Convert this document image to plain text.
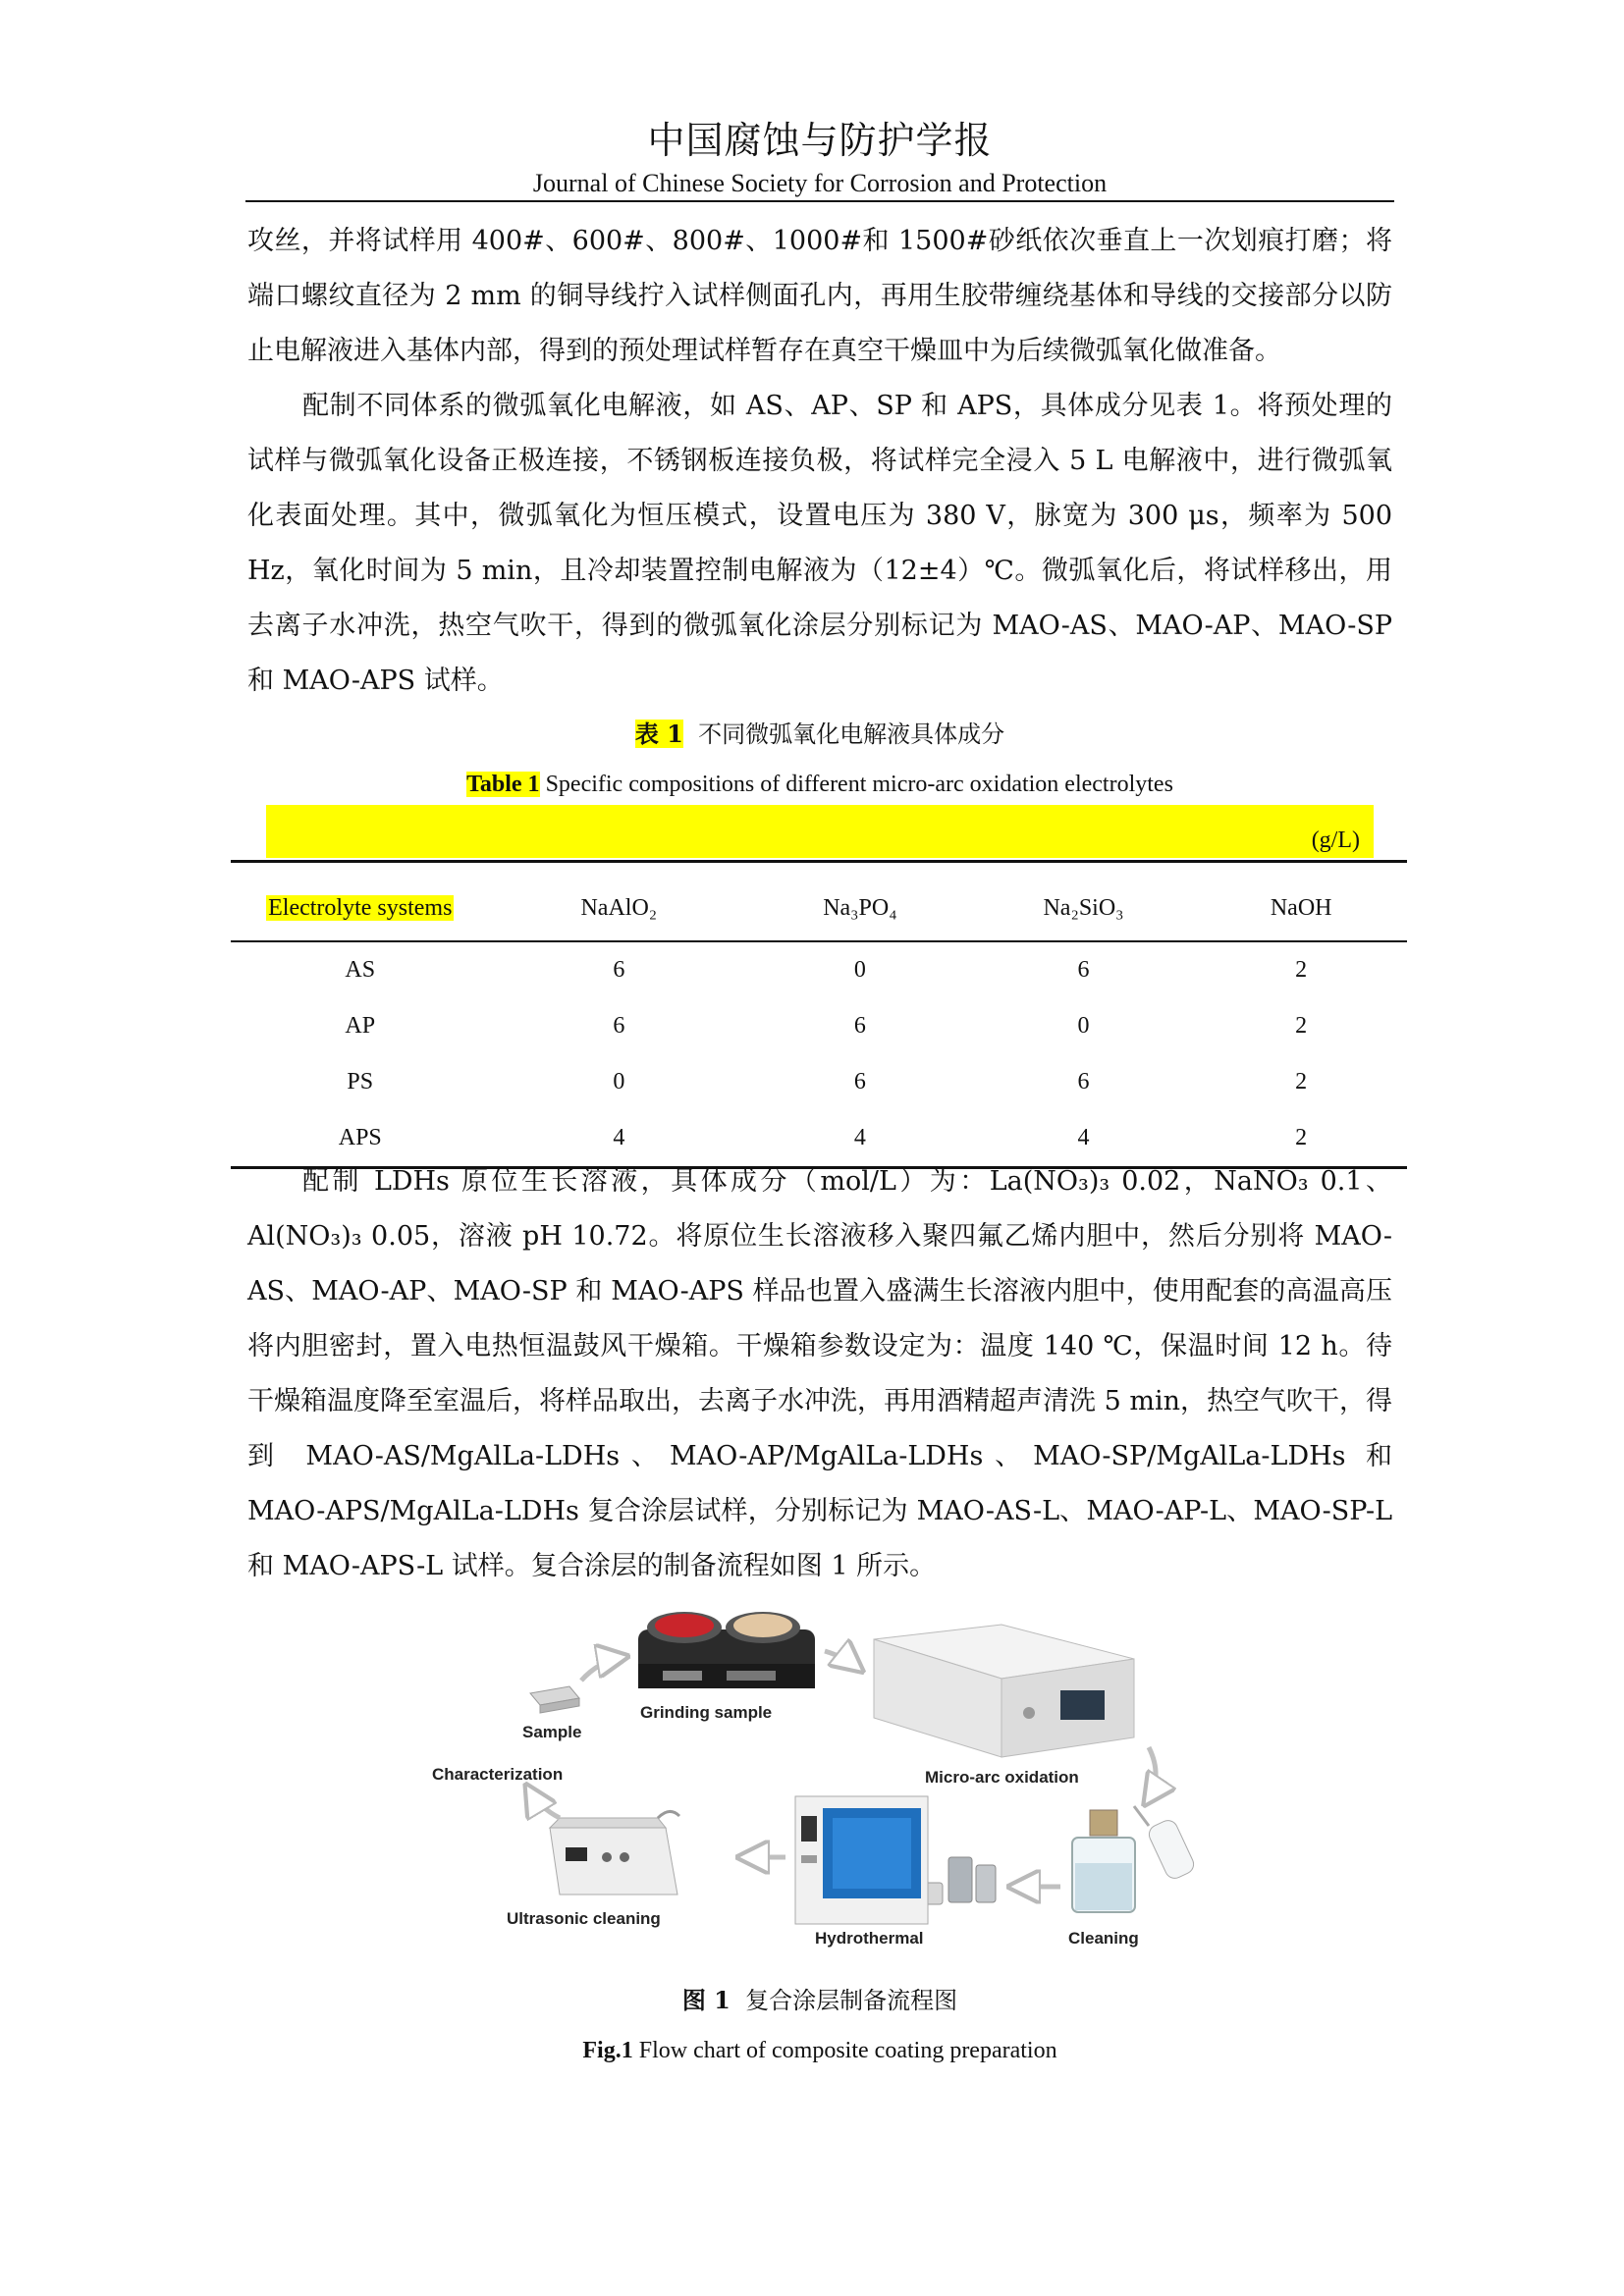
中国腐蚀与防护学报
Journal of Chinese Society for Corrosion and Protection

攻丝，并将试样用 400#、600#、800#、1000#和 1500#砂纸依次垂直上一次划痕打磨；将端口螺纹直径为 2 mm 的铜导线拧入试样侧面孔内，再用生胶带缠绕基体和导线的交接部分以防止电解液进入基体内部，得到的预处理试样暂存在真空干燥皿中为后续微弧氧化做准备。

配制不同体系的微弧氧化电解液，如 AS、AP、SP 和 APS，具体成分见表 1。将预处理的试样与微弧氧化设备正极连接，不锈钢板连接负极，将试样完全浸入 5 L 电解液中，进行微弧氧化表面处理。其中，微弧氧化为恒压模式，设置电压为 380 V，脉宽为 300 μs，频率为 500 Hz，氧化时间为 5 min，且冷却装置控制电解液为（12±4）℃。微弧氧化后，将试样移出，用去离子水冲洗，热空气吹干，得到的微弧氧化涂层分别标记为 MAO-AS、MAO-AP、MAO-SP 和 MAO-APS 试样。

表 1 不同微弧氧化电解液具体成分
Table 1 Specific compositions of different micro-arc oxidation electrolytes
(g/L)
Electrolyte systems	NaAlO₂	Na₃PO₄	Na₂SiO₃	NaOH
AS	6	0	6	2
AP	6	6	0	2
PS	0	6	6	2
APS	4	4	4	2

配制 LDHs 原位生长溶液，具体成分（mol/L）为：La(NO₃)₃ 0.02，NaNO₃ 0.1、Al(NO₃)₃ 0.05，溶液 pH 10.72。将原位生长溶液移入聚四氟乙烯内胆中，然后分别将 MAO-AS、MAO-AP、MAO-SP 和 MAO-APS 样品也置入盛满生长溶液内胆中，使用配套的高温高压将内胆密封，置入电热恒温鼓风干燥箱。干燥箱参数设定为：温度 140 ℃，保温时间 12 h。待干燥箱温度降至室温后，将样品取出，去离子水冲洗，再用酒精超声清洗 5 min，热空气吹干，得到 MAO-AS/MgAlLa-LDHs、MAO-AP/MgAlLa-LDHs、MAO-SP/MgAlLa-LDHs 和 MAO-APS/MgAlLa-LDHs 复合涂层试样，分别标记为 MAO-AS-L、MAO-AP-L、MAO-SP-L 和 MAO-APS-L 试样。复合涂层的制备流程如图 1 所示。

Sample
Grinding sample
Micro-arc oxidation
Cleaning
Hydrothermal
Ultrasonic cleaning
Characterization
图 1 复合涂层制备流程图
Fig.1 Flow chart of composite coating preparation
